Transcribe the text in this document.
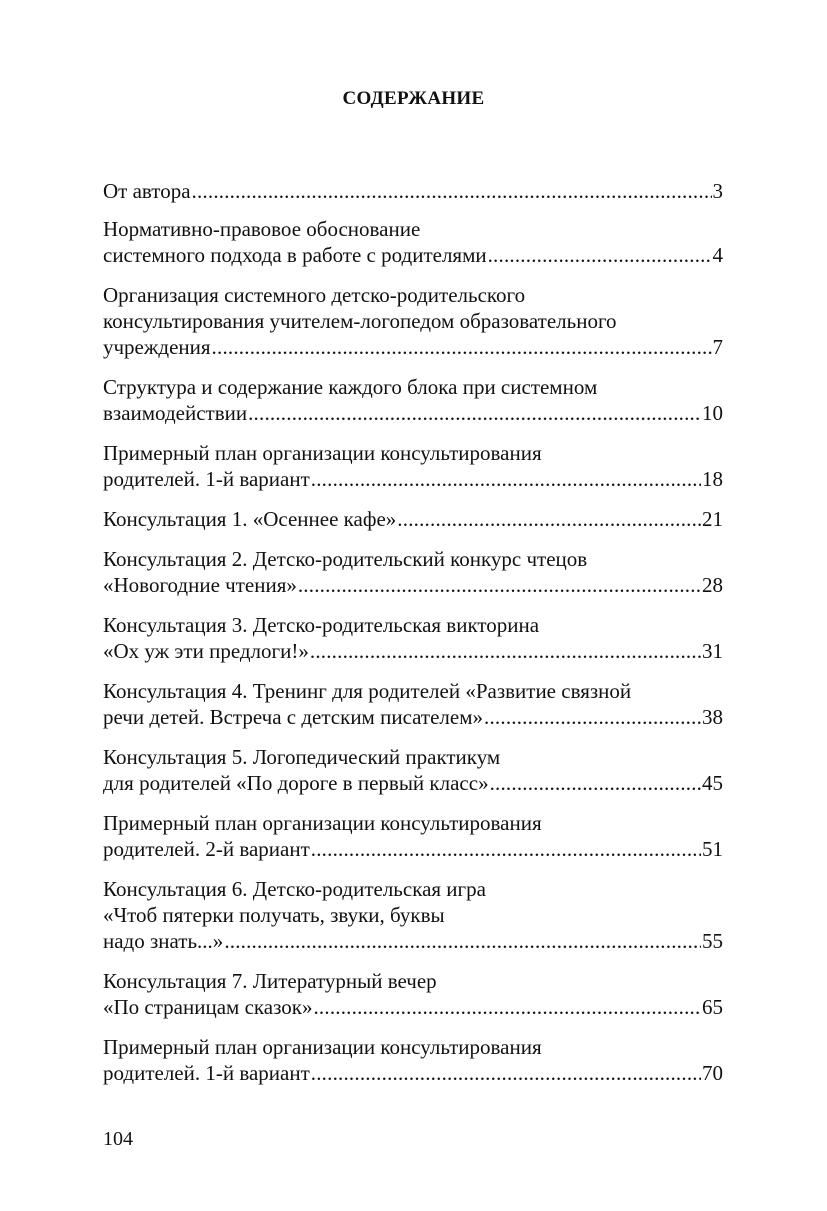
СОДЕРЖАНИЕ
От автора .....	3
Нормативно-правовое обоснование
системного подхода в работе с родителями .....	4
Организация системного детско-родительского
консультирования учителем-логопедом образовательного
учреждения .....	7
Структура и содержание каждого блока при системном
взаимодействии .....	10
Примерный план организации консультирования
родителей. 1-й вариант .....	18
Консультация 1. «Осеннее кафе» .....	21
Консультация 2. Детско-родительский конкурс чтецов
«Новогодние чтения» .....	28
Консультация 3. Детско-родительская викторина
«Ох уж эти предлоги!» .....	31
Консультация 4. Тренинг для родителей «Развитие связной
речи детей. Встреча с детским писателем» .....	38
Консультация 5. Логопедический практикум
для родителей «По дороге в первый класс» .....	45
Примерный план организации консультирования
родителей. 2-й вариант .....	51
Консультация 6. Детско-родительская игра
«Чтоб пятерки получать, звуки, буквы
надо знать...» .....	55
Консультация 7. Литературный вечер
«По страницам сказок» .....	65
Примерный план организации консультирования
родителей. 1-й вариант .....	70
104
